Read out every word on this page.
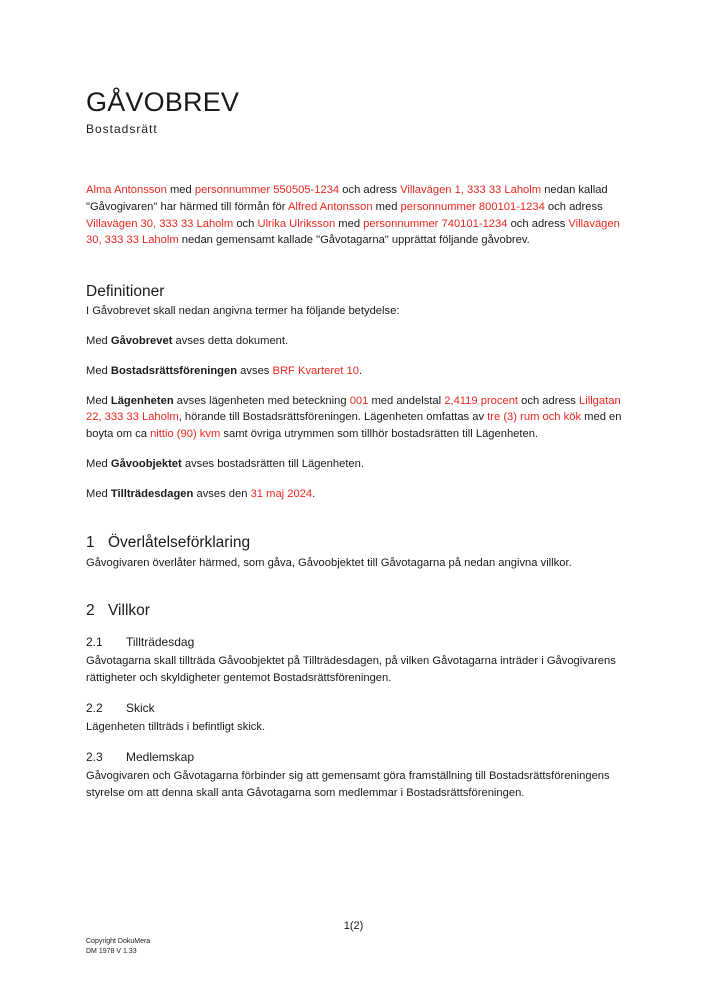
GÅVOBREV
Bostadsrätt

Alma Antonsson med personnummer 550505-1234 och adress Villavägen 1, 333 33 Laholm nedan kallad "Gåvogivaren" har härmed till förmån för Alfred Antonsson med personnummer 800101-1234 och adress Villavägen 30, 333 33 Laholm och Ulrika Ulriksson med personnummer 740101-1234 och adress Villavägen 30, 333 33 Laholm nedan gemensamt kallade "Gåvotagarna" upprättat följande gåvobrev.

Definitioner

I Gåvobrevet skall nedan angivna termer ha följande betydelse:

Med Gåvobrevet avses detta dokument.

Med Bostadsrättsföreningen avses BRF Kvarteret 10.

Med Lägenheten avses lägenheten med beteckning 001 med andelstal 2,4119 procent och adress Lillgatan 22, 333 33 Laholm, hörande till Bostadsrättsföreningen. Lägenheten omfattas av tre (3) rum och kök med en boyta om ca nittio (90) kvm samt övriga utrymmen som tillhör bostadsrätten till Lägenheten.

Med Gåvoobjektet avses bostadsrätten till Lägenheten.

Med Tillträdesdagen avses den 31 maj 2024.

1 Överlåtelseförklaring

Gåvogivaren överlåter härmed, som gåva, Gåvoobjektet till Gåvotagarna på nedan angivna villkor.

2 Villkor
2.1 Tillträdesdag

Gåvotagarna skall tillträda Gåvoobjektet på Tillträdesdagen, på vilken Gåvotagarna inträder i Gåvogivarens rättigheter och skyldigheter gentemot Bostadsrättsföreningen.

2.2 Skick

Lägenheten tillträds i befintligt skick.

2.3 Medlemskap

Gåvogivaren och Gåvotagarna förbinder sig att gemensamt göra framställning till Bostadsrättsföreningens styrelse om att denna skall anta Gåvotagarna som medlemmar i Bostadsrättsföreningen.

1(2)
Copyright DokuMera
DM 1978 V 1.33
